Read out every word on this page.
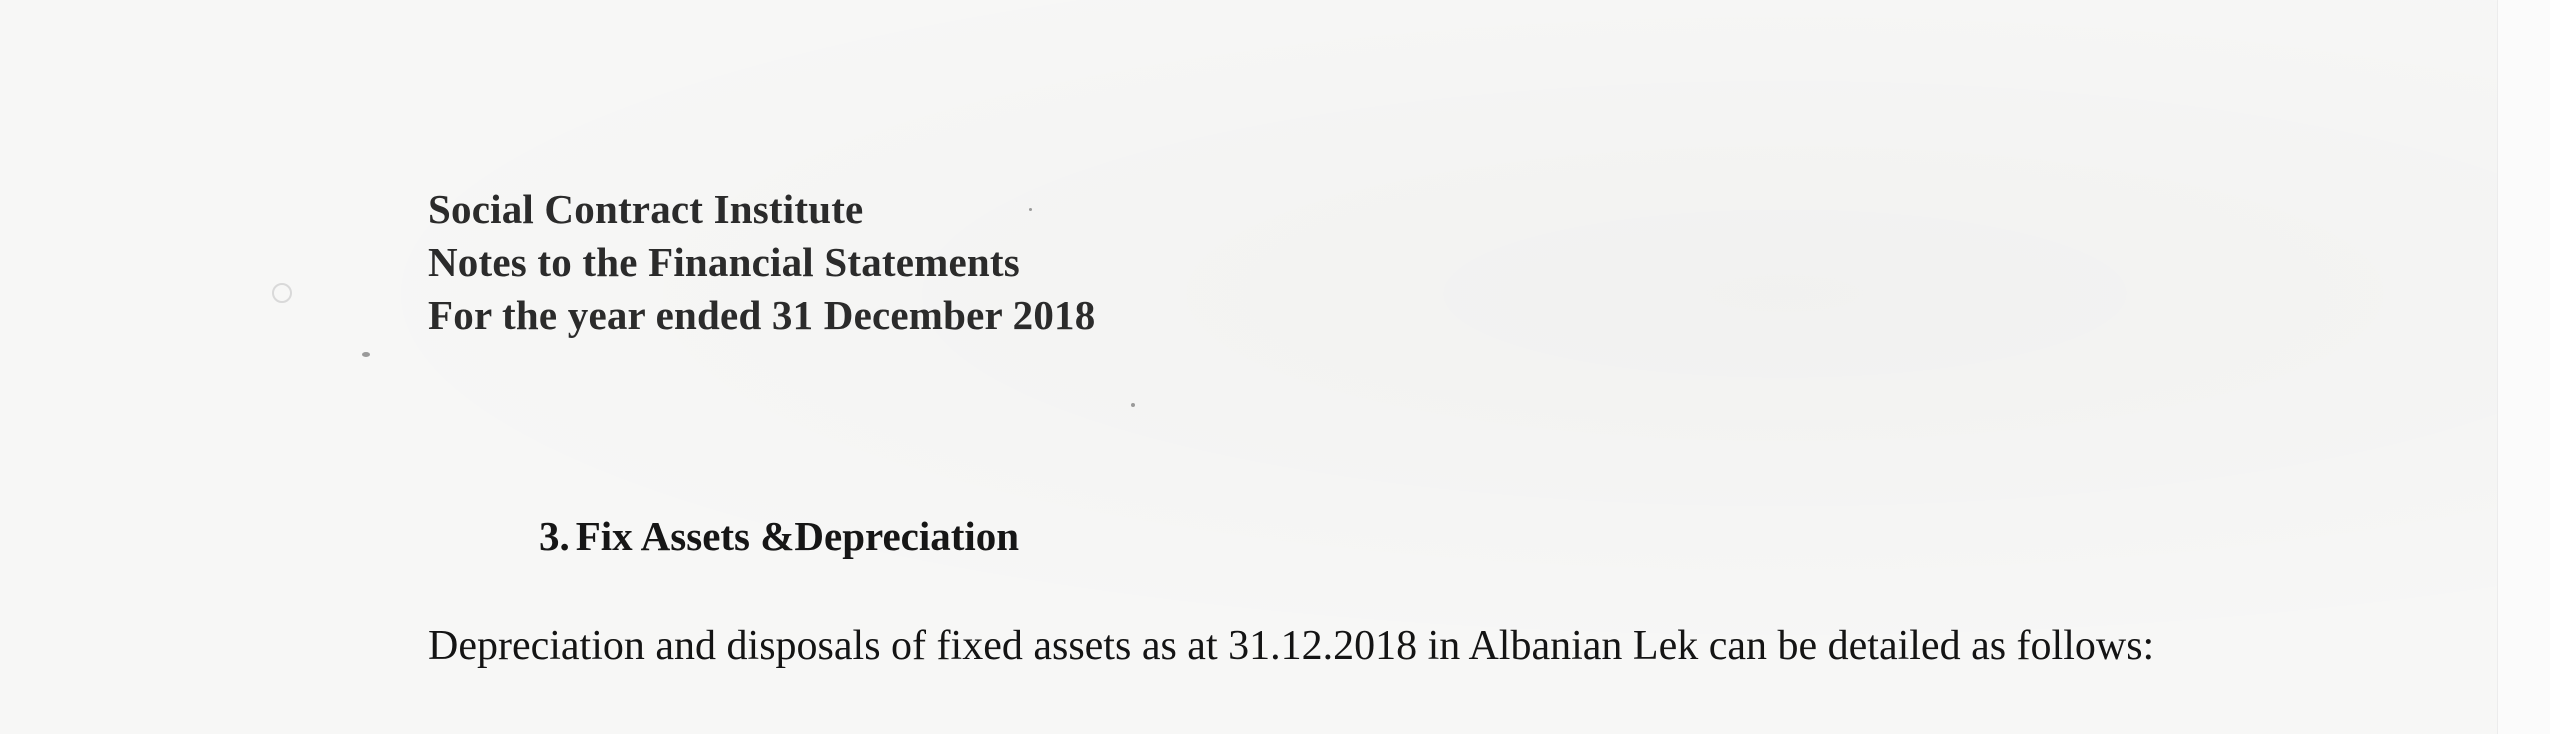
Social Contract Institute
Notes to the Financial Statements
For the year ended 31 December 2018
3. Fix Assets &Depreciation
Depreciation and disposals of fixed assets as at 31.12.2018 in Albanian Lek can be detailed as follows:
